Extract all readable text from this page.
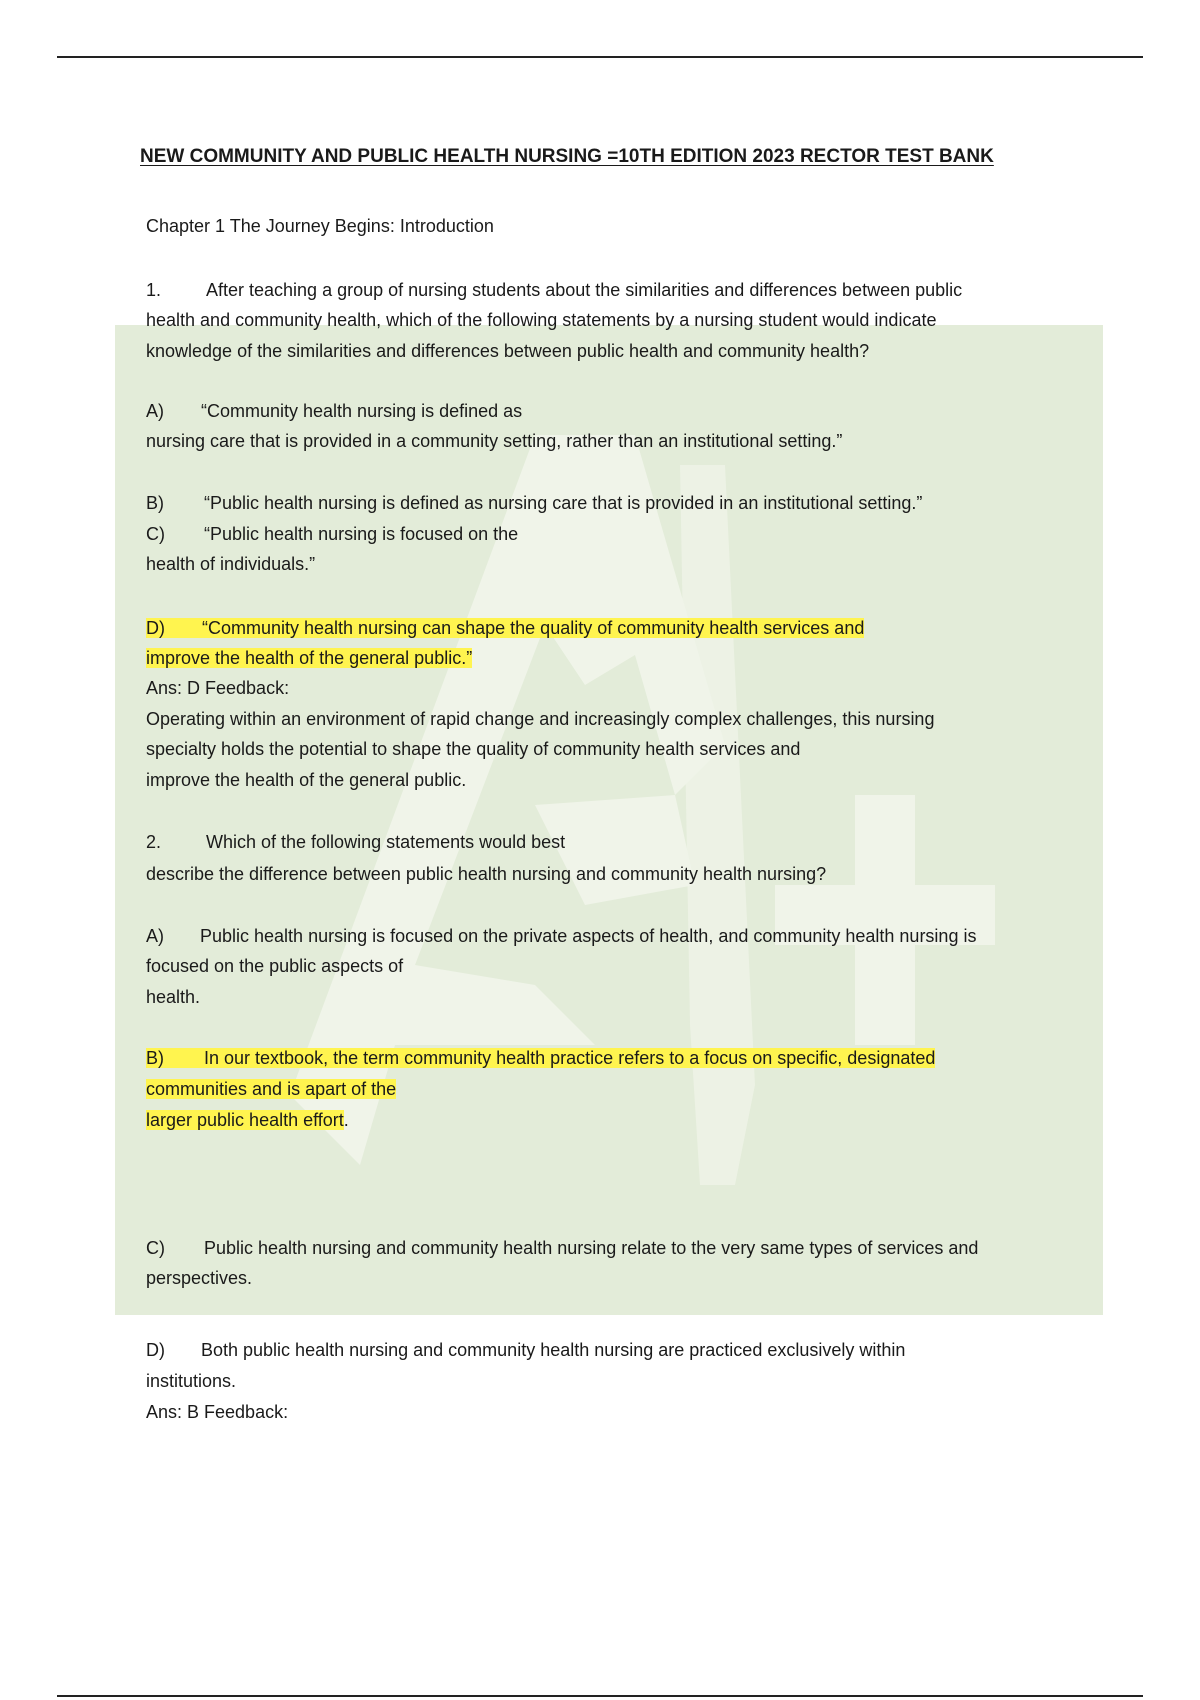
NEW COMMUNITY AND PUBLIC HEALTH NURSING =10TH EDITION 2023 RECTOR TEST BANK
Chapter 1 The Journey Begins: Introduction
1. After teaching a group of nursing students about the similarities and differences between public
health and community health, which of the following statements by a nursing student would indicate
knowledge of the similarities and differences between public health and community health?
A) “Community health nursing is defined as
nursing care that is provided in a community setting, rather than an institutional setting.”
B) “Public health nursing is defined as nursing care that is provided in an institutional setting.”
C) “Public health nursing is focused on the
health of individuals.”
D) “Community health nursing can shape the quality of community health services and
improve the health of the general public.”
Ans: D Feedback:
Operating within an environment of rapid change and increasingly complex challenges, this nursing
specialty holds the potential to shape the quality of community health services and
improve the health of the general public.
2. Which of the following statements would best
describe the difference between public health nursing and community health nursing?
A) Public health nursing is focused on the private aspects of health, and community health nursing is
focused on the public aspects of
health.
B) In our textbook, the term community health practice refers to a focus on specific, designated
communities and is apart of the
larger public health effort.
C) Public health nursing and community health nursing relate to the very same types of services and
perspectives.
D) Both public health nursing and community health nursing are practiced exclusively within
institutions.
Ans: B Feedback:
